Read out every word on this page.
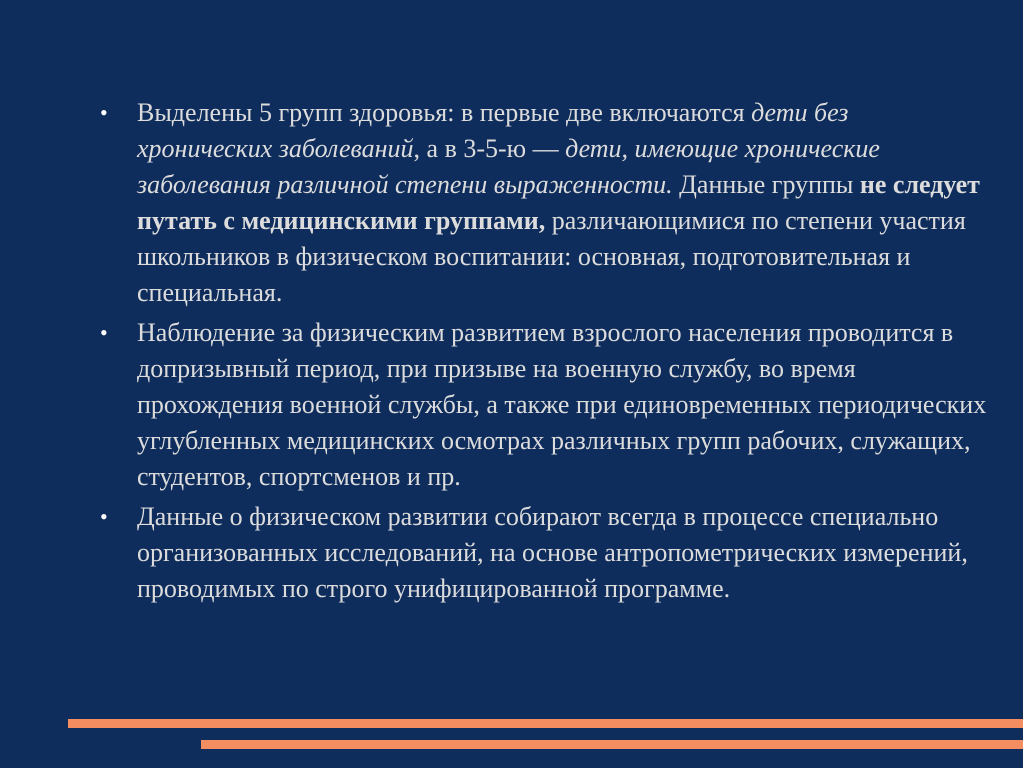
•	Выделены 5 групп здоровья: в первые две включаются дети без хронических заболеваний, а в 3-5-ю — дети, имеющие хронические заболевания различной степени выраженности. Данные группы не следует путать с медицинскими группами, различающимися по степени участия школьников в физическом воспитании: основная, подготовительная и специальная.
•	Наблюдение за физическим развитием взрослого населения проводится в допризывный период, при призыве на военную службу, во время прохождения военной службы, а также при единовременных периодических углубленных медицинских осмотрах различных групп рабочих, служащих, студентов, спортсменов и пр.
•	Данные о физическом развитии собирают всегда в процессе специально организованных исследований, на основе антропометрических измерений, проводимых по строго унифицированной программе.
